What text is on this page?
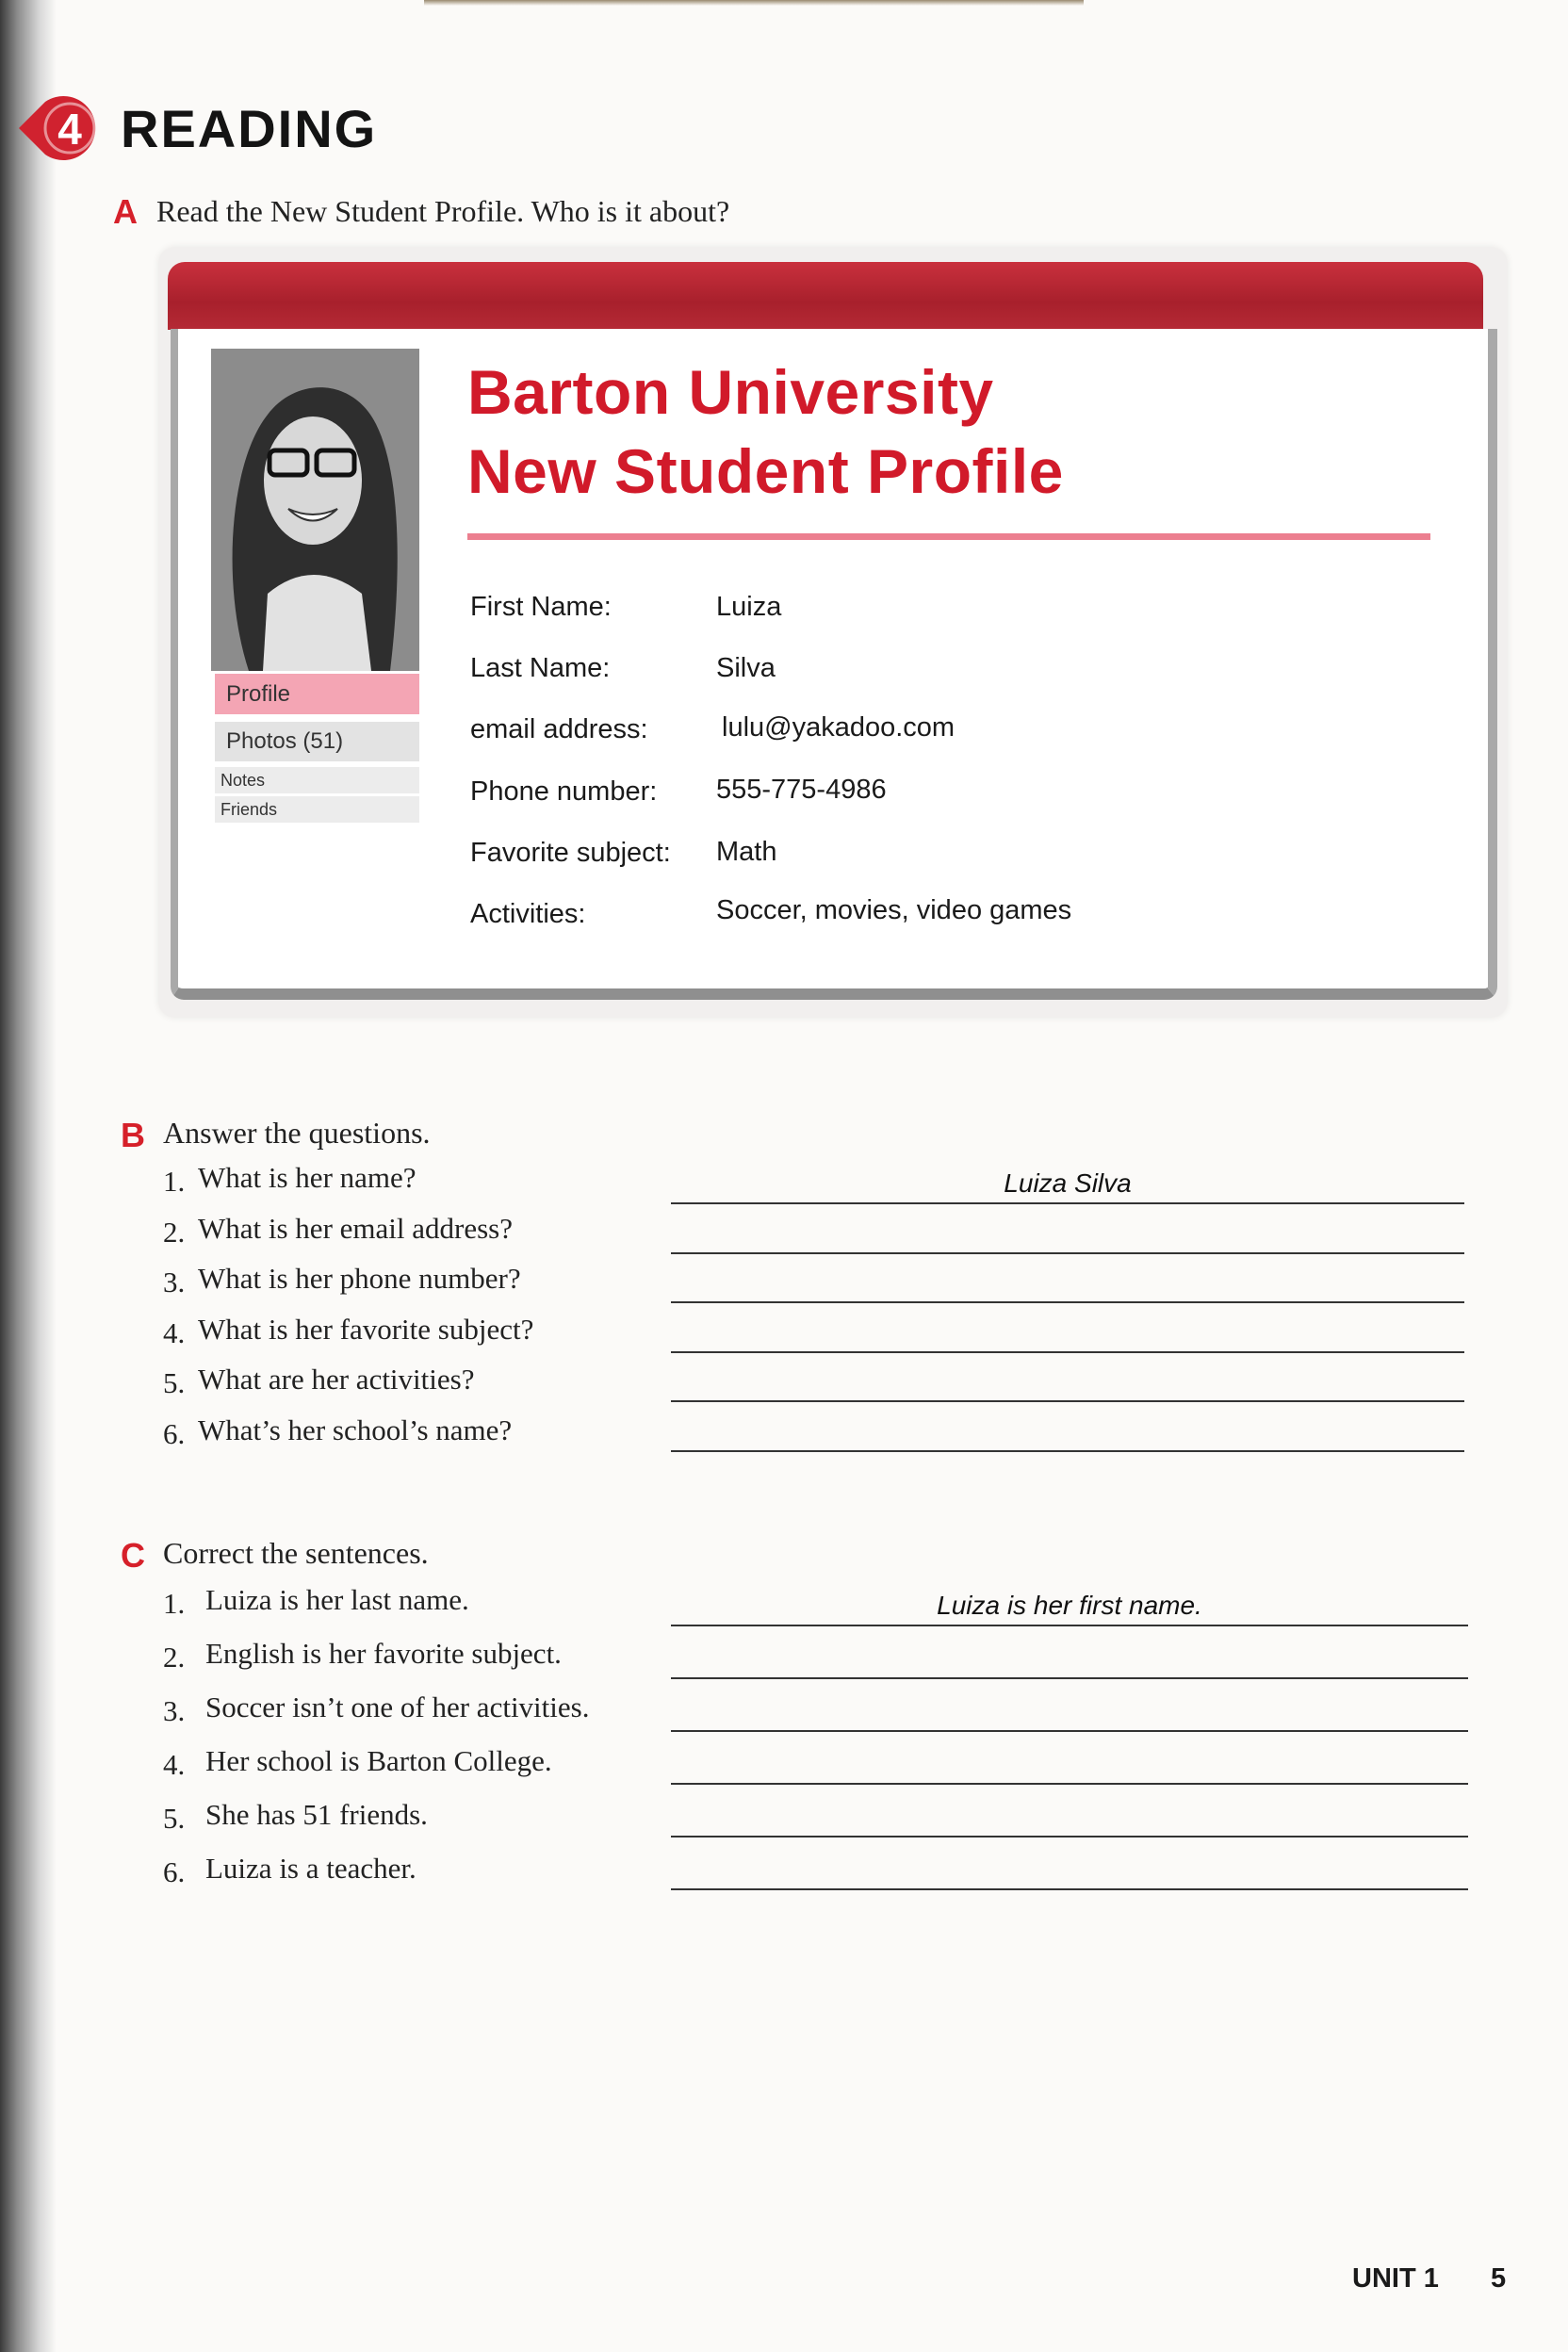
4 READING
A Read the New Student Profile. Who is it about?
Profile
Photos (51)
Notes
Friends
Barton University
New Student Profile
First Name:	Luiza
Last Name:	Silva
email address:	lulu@yakadoo.com
Phone number: 555-775-4986
Favorite subject: Math
Activities:	Soccer, movies, video games
B Answer the questions.
1. What is her name?	Luiza Silva
2. What is her email address?
3. What is her phone number?
4. What is her favorite subject?
5. What are her activities?
6. What’s her school’s name?
C Correct the sentences.
1. Luiza is her last name.	Luiza is her first name.
2. English is her favorite subject.
3. Soccer isn’t one of her activities.
4. Her school is Barton College.
5. She has 51 friends.
6. Luiza is a teacher.
UNIT 1 5
